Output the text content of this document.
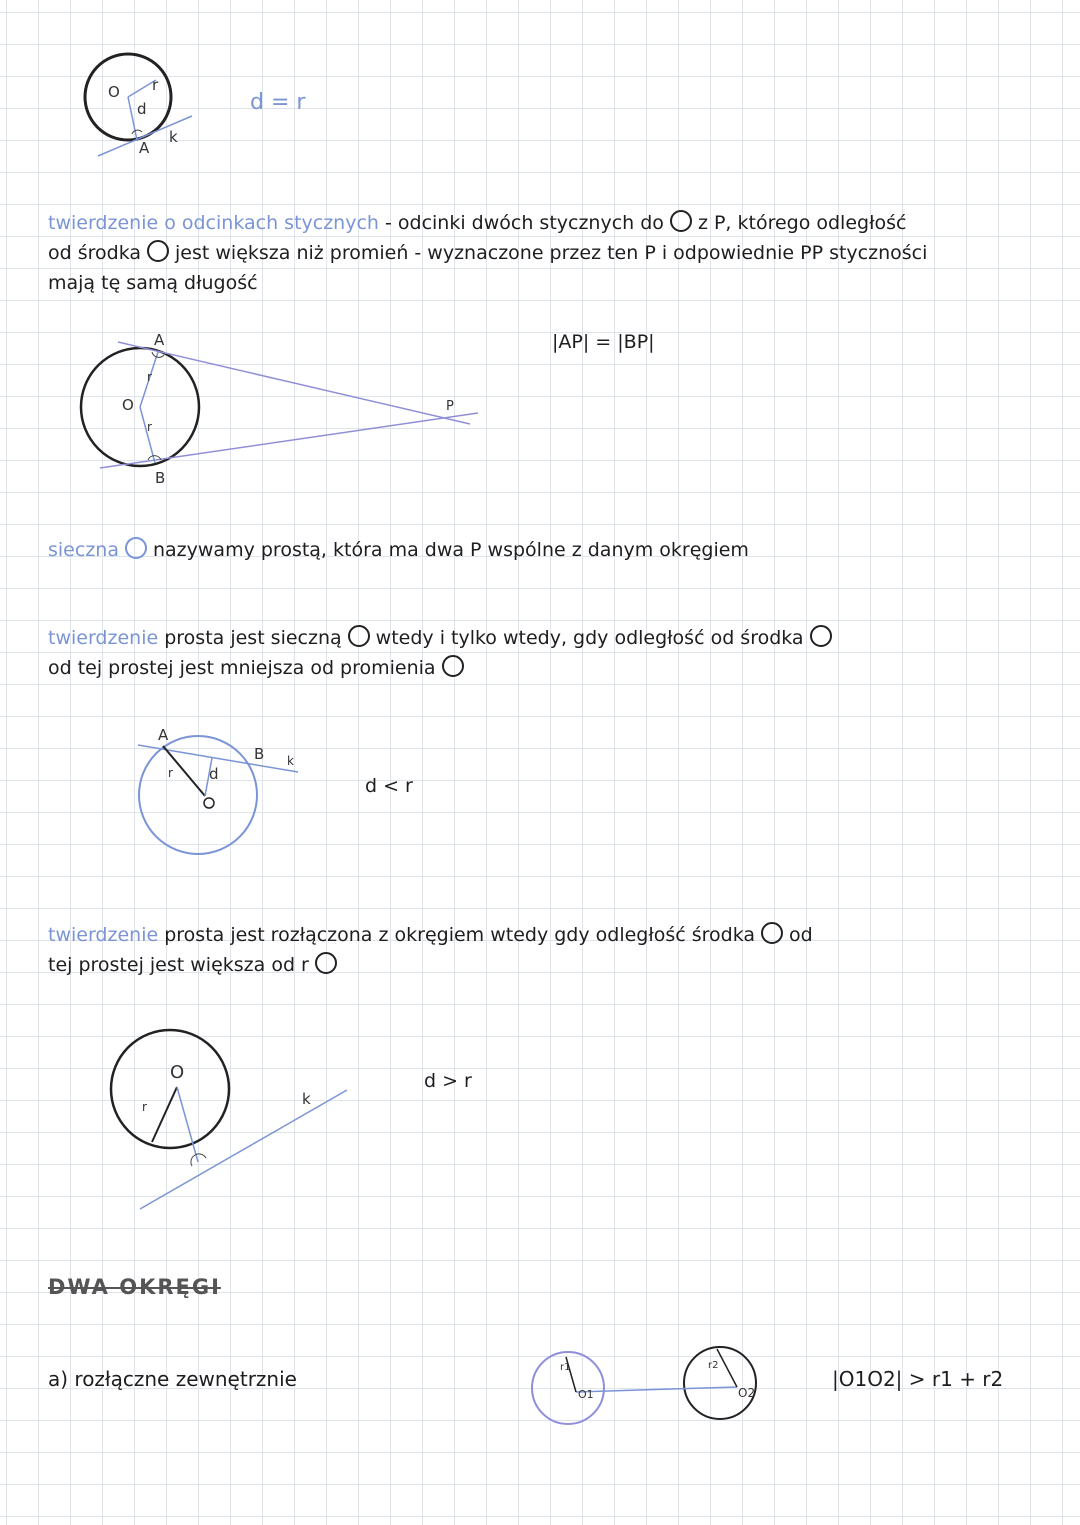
O
d
r
A
k
d = r
twierdzenie o odcinkach stycznych - odcinki dwóch stycznych do z P, którego odległość
od środka jest większa niż promień - wyznaczone przez ten P i odpowiednie PP styczności
mają tę samą długość
|AP| = |BP|
A
B
O	P
r
r
sieczna nazywamy prostą, która ma dwa P wspólne z danym okręgiem
twierdzenie prosta jest sieczną wtedy i tylko wtedy, gdy odległość od środka
od tej prostej jest mniejsza od promienia
d < r
A
B k
r d
twierdzenie prosta jest rozłączona z okręgiem wtedy gdy odległość środka od
tej prostej jest większa od r
d > r
O
r	k
DWA OKRĘGI
a) rozłączne zewnętrznie	r1
O1
r2
O2
|O1O2| > r1 + r2
